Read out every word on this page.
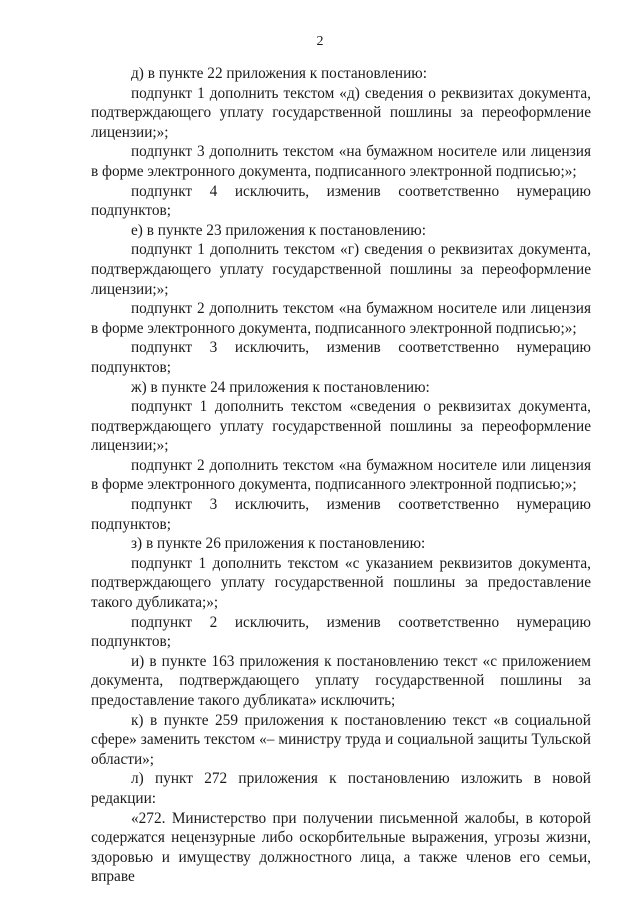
2

д) в пункте 22 приложения к постановлению:

подпункт 1 дополнить текстом «д) сведения о реквизитах документа, подтверждающего уплату государственной пошлины за переоформление лицензии;»;

подпункт 3 дополнить текстом «на бумажном носителе или лицензия в форме электронного документа, подписанного электронной подписью;»;

подпункт 4 исключить, изменив соответственно нумерацию подпунктов;

е) в пункте 23 приложения к постановлению:

подпункт 1 дополнить текстом «г) сведения о реквизитах документа, подтверждающего уплату государственной пошлины за переоформление лицензии;»;

подпункт 2 дополнить текстом «на бумажном носителе или лицензия в форме электронного документа, подписанного электронной подписью;»;

подпункт 3 исключить, изменив соответственно нумерацию подпунктов;

ж) в пункте 24 приложения к постановлению:

подпункт 1 дополнить текстом «сведения о реквизитах документа, подтверждающего уплату государственной пошлины за переоформление лицензии;»;

подпункт 2 дополнить текстом «на бумажном носителе или лицензия в форме электронного документа, подписанного электронной подписью;»;

подпункт 3 исключить, изменив соответственно нумерацию подпунктов;

з) в пункте 26 приложения к постановлению:

подпункт 1 дополнить текстом «с указанием реквизитов документа, подтверждающего уплату государственной пошлины за предоставление такого дубликата;»;

подпункт 2 исключить, изменив соответственно нумерацию подпунктов;

и) в пункте 163 приложения к постановлению текст «с приложением документа, подтверждающего уплату государственной пошлины за предоставление такого дубликата» исключить;

к) в пункте 259 приложения к постановлению текст «в социальной сфере» заменить текстом «– министру труда и социальной защиты Тульской области»;

л) пункт 272 приложения к постановлению изложить в новой редакции:

«272. Министерство при получении письменной жалобы, в которой содержатся нецензурные либо оскорбительные выражения, угрозы жизни, здоровью и имуществу должностного лица, а также членов его семьи, вправе
